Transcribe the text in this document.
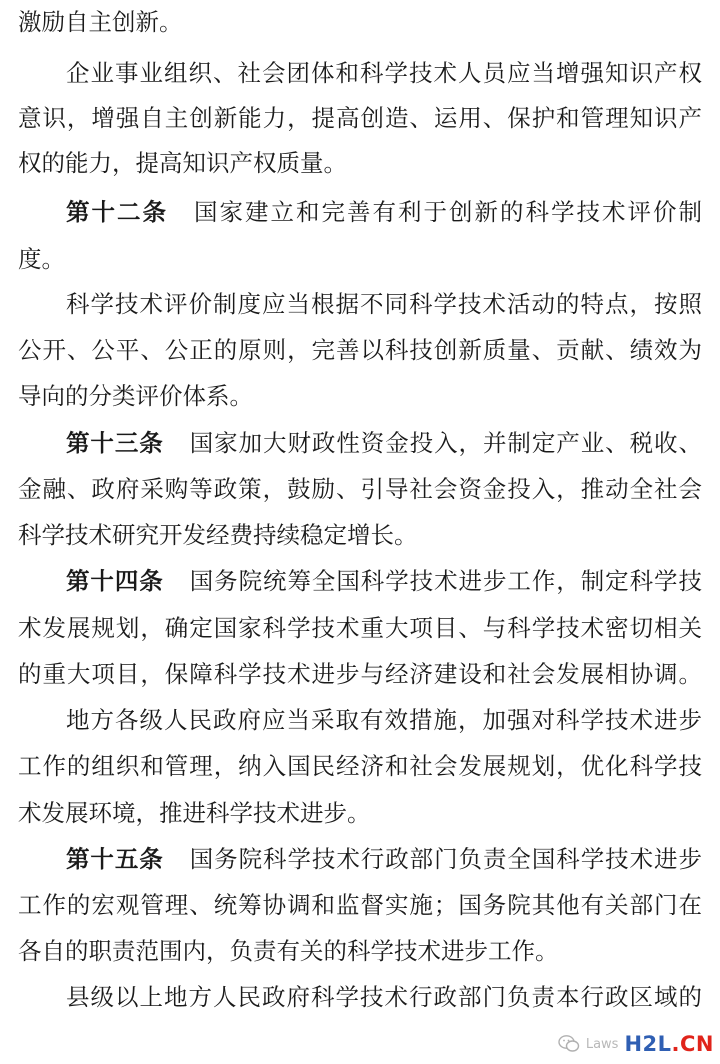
激励自主创新。
企业事业组织、社会团体和科学技术人员应当增强知识产权
意识，增强自主创新能力，提高创造、运用、保护和管理知识产
权的能力，提高知识产权质量。
第十二条 国家建立和完善有利于创新的科学技术评价制
度。
科学技术评价制度应当根据不同科学技术活动的特点，按照
公开、公平、公正的原则，完善以科技创新质量、贡献、绩效为
导向的分类评价体系。
第十三条 国家加大财政性资金投入，并制定产业、税收、
金融、政府采购等政策，鼓励、引导社会资金投入，推动全社会
科学技术研究开发经费持续稳定增长。
第十四条 国务院统筹全国科学技术进步工作，制定科学技
术发展规划，确定国家科学技术重大项目、与科学技术密切相关
的重大项目，保障科学技术进步与经济建设和社会发展相协调。
地方各级人民政府应当采取有效措施，加强对科学技术进步
工作的组织和管理，纳入国民经济和社会发展规划，优化科学技
术发展环境，推进科学技术进步。
第十五条 国务院科学技术行政部门负责全国科学技术进步
工作的宏观管理、统筹协调和监督实施；国务院其他有关部门在
各自的职责范围内，负责有关的科学技术进步工作。
县级以上地方人民政府科学技术行政部门负责本行政区域的
Laws H2L.CN
